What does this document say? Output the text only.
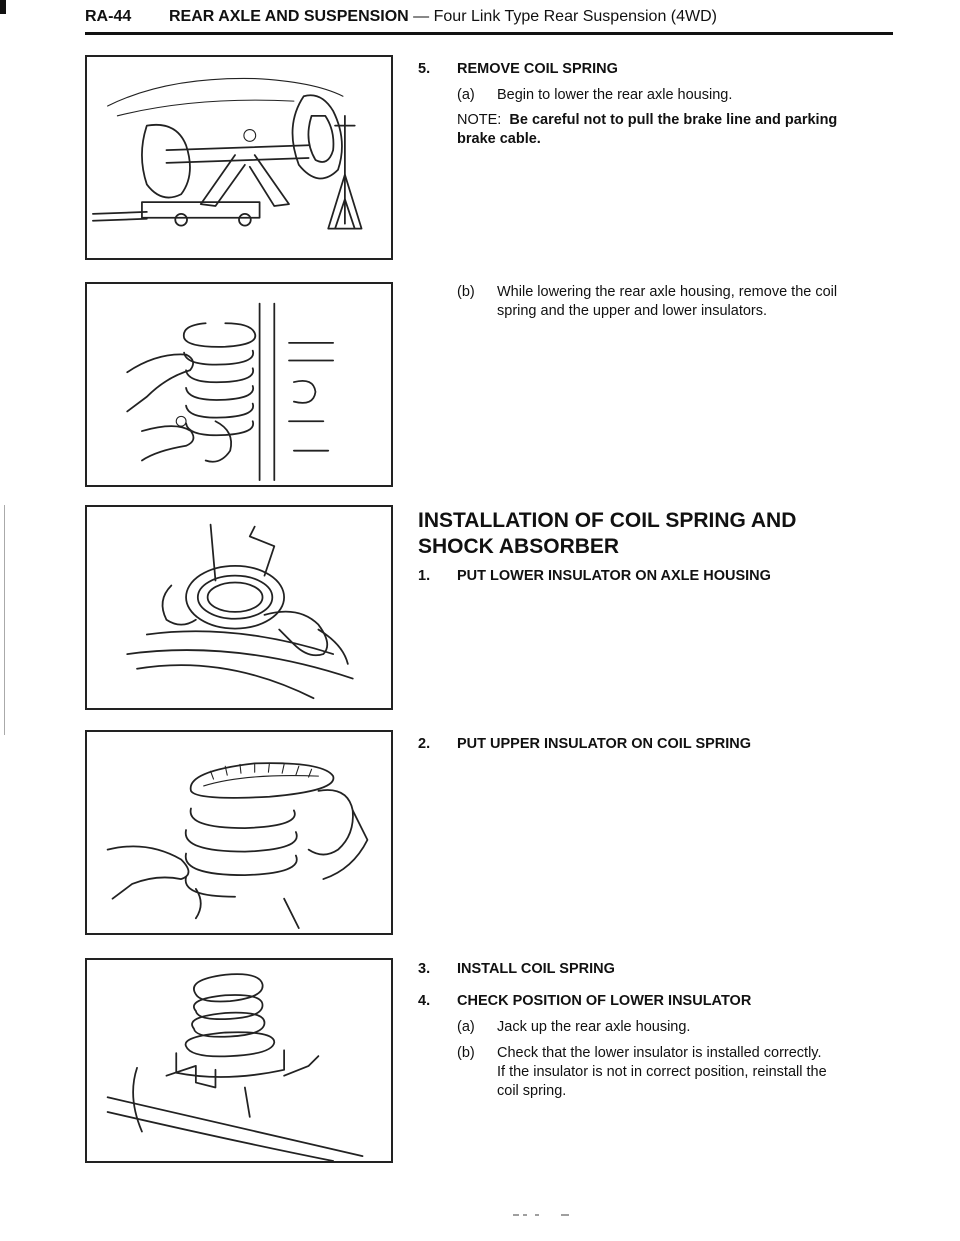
RA-44 REAR AXLE AND SUSPENSION — Four Link Type Rear Suspension (4WD)
5. REMOVE COIL SPRING
(a) Begin to lower the rear axle housing.
NOTE: Be careful not to pull the brake line and parking
brake cable.
(b) While lowering the rear axle housing, remove the coil
spring and the upper and lower insulators.
INSTALLATION OF COIL SPRING AND
SHOCK ABSORBER
1. PUT LOWER INSULATOR ON AXLE HOUSING
2. PUT UPPER INSULATOR ON COIL SPRING
3. INSTALL COIL SPRING
4. CHECK POSITION OF LOWER INSULATOR
(a) Jack up the rear axle housing.
(b) Check that the lower insulator is installed correctly.
If the insulator is not in correct position, reinstall the
coil spring.
